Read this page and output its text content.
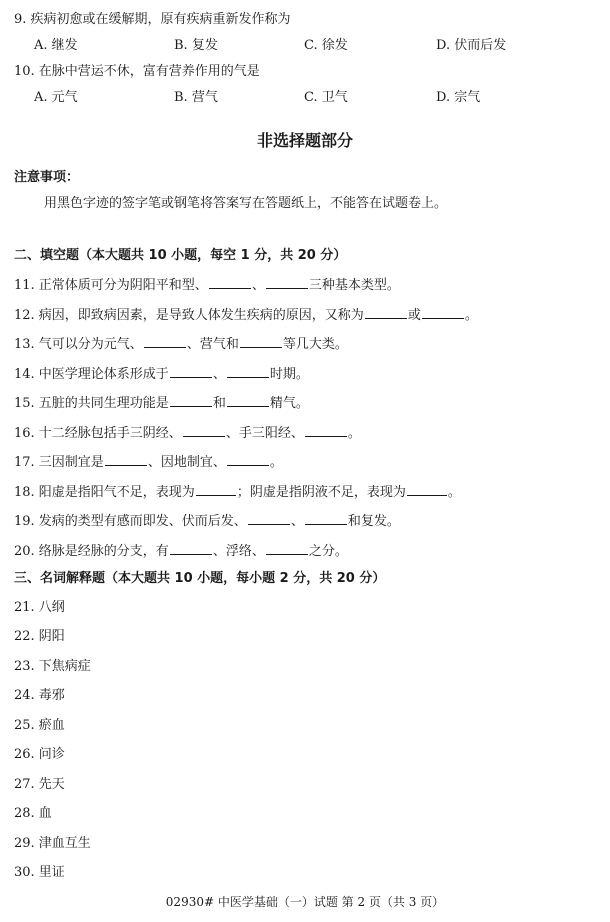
9. 疾病初愈或在缓解期，原有疾病重新发作称为
A. 继发	B. 复发	C. 徐发	D. 伏而后发
10. 在脉中营运不休，富有营养作用的气是
A. 元气	B. 营气	C. 卫气	D. 宗气
非选择题部分
注意事项：
用黑色字迹的签字笔或钢笔将答案写在答题纸上，不能答在试题卷上。
二、填空题（本大题共 10 小题，每空 1 分，共 20 分）
11. 正常体质可分为阴阳平和型、	、	三种基本类型。
12. 病因，即致病因素，是导致人体发生疾病的原因，又称为	或	。
13. 气可以分为元气、	、营气和	等几大类。
14. 中医学理论体系形成于	、	时期。
15. 五脏的共同生理功能是	和	精气。
16. 十二经脉包括手三阴经、	、手三阳经、	。
17. 三因制宜是	、因地制宜、	。
18. 阳虚是指阳气不足，表现为	；阴虚是指阴液不足，表现为	。
19. 发病的类型有感而即发、伏而后发、	、	和复发。
20. 络脉是经脉的分支，有	、浮络、	之分。
三、名词解释题（本大题共 10 小题，每小题 2 分，共 20 分）
21. 八纲
22. 阴阳
23. 下焦病症
24. 毒邪
25. 瘀血
26. 问诊
27. 先天
28. 血
29. 津血互生
30. 里证
02930# 中医学基础（一）试题 第 2 页（共 3 页）
